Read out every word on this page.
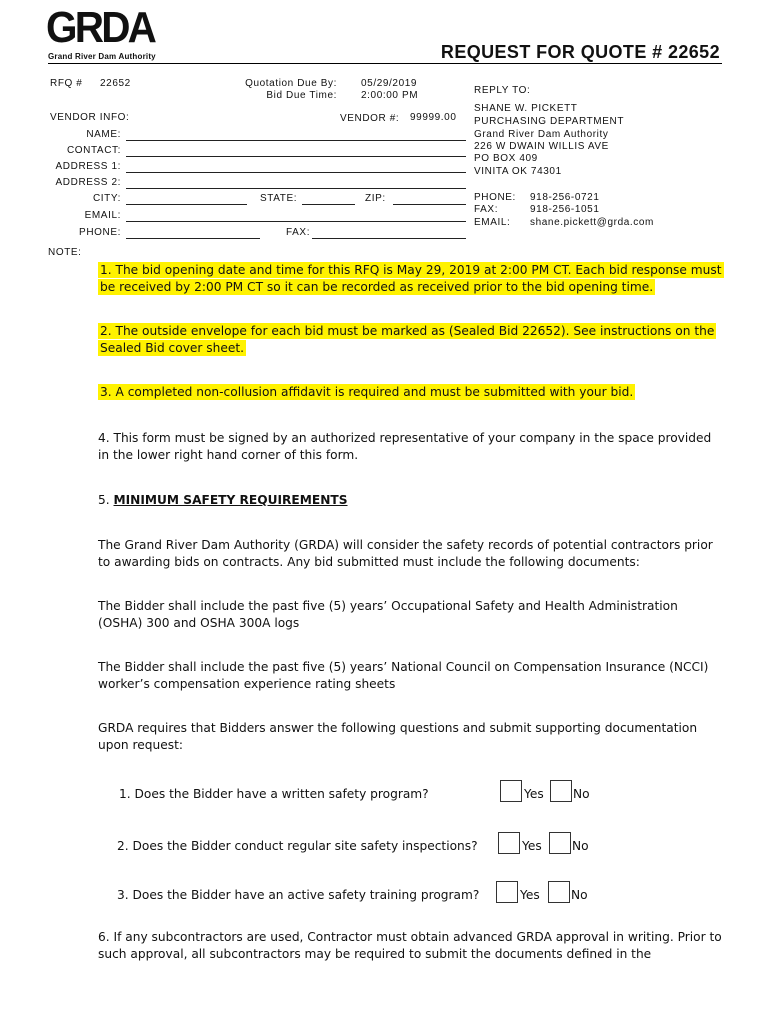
GRDA
Grand River Dam Authority	REQUEST FOR QUOTE # 22652
RFQ # 22652	Quotation Due By: 05/29/2019
Bid Due Time: 2:00:00 PM	REPLY TO:
SHANE W. PICKETT
PURCHASING DEPARTMENT
Grand River Dam Authority
226 W DWAIN WILLIS AVE
PO BOX 409
VINITA OK 74301
PHONE: 918-256-0721
FAX:	918-256-1051
EMAIL: shane.pickett@grda.com
VENDOR INFO:	VENDOR #: 99999.00
NAME:
CONTACT:
ADDRESS 1:
ADDRESS 2:
CITY:	STATE:	ZIP:
EMAIL:
PHONE:	FAX:
NOTE:
1. The bid opening date and time for this RFQ is May 29, 2019 at 2:00 PM CT. Each bid response must be received by 2:00 PM CT so it can be recorded as received prior to the bid opening time.
2. The outside envelope for each bid must be marked as (Sealed Bid 22652). See instructions on the Sealed Bid cover sheet.
3. A completed non-collusion affidavit is required and must be submitted with your bid.
4. This form must be signed by an authorized representative of your company in the space provided in the lower right hand corner of this form.
5. MINIMUM SAFETY REQUIREMENTS
The Grand River Dam Authority (GRDA) will consider the safety records of potential contractors prior to awarding bids on contracts. Any bid submitted must include the following documents:
The Bidder shall include the past five (5) years’ Occupational Safety and Health Administration (OSHA) 300 and OSHA 300A logs
The Bidder shall include the past five (5) years’ National Council on Compensation Insurance (NCCI) worker’s compensation experience rating sheets
GRDA requires that Bidders answer the following questions and submit supporting documentation upon request:
1. Does the Bidder have a written safety program?	Yes No
2. Does the Bidder conduct regular site safety inspections?	Yes No
3. Does the Bidder have an active safety training program?	Yes	No
6. If any subcontractors are used, Contractor must obtain advanced GRDA approval in writing. Prior to such approval, all subcontractors may be required to submit the documents defined in the
